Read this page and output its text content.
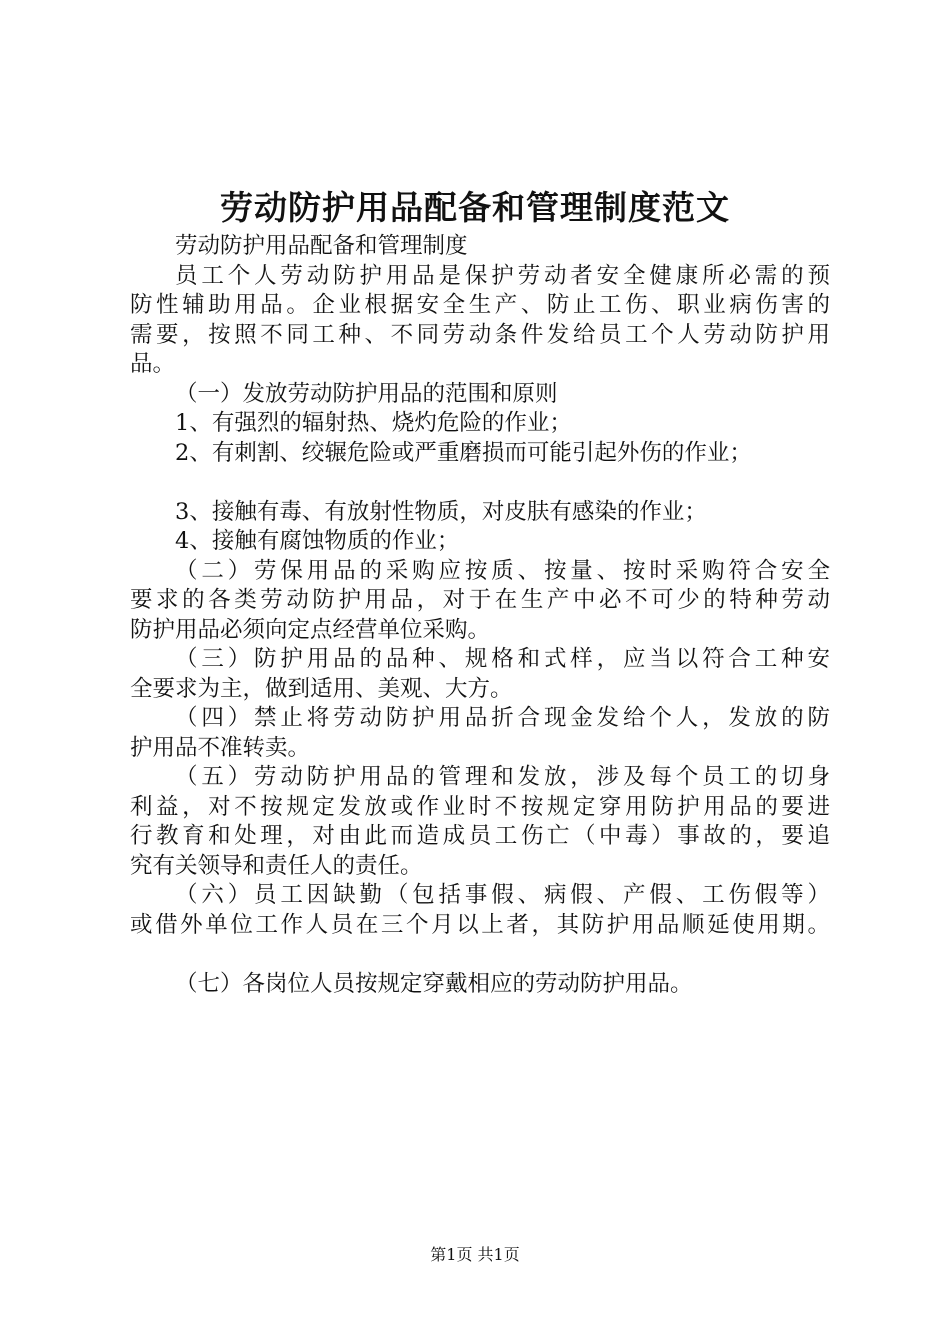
劳动防护用品配备和管理制度范文
劳动防护用品配备和管理制度
员工个人劳动防护用品是保护劳动者安全健康所必需的预
防性辅助用品。企业根据安全生产、防止工伤、职业病伤害的
需要，按照不同工种、不同劳动条件发给员工个人劳动防护用
品。
（一）发放劳动防护用品的范围和原则
1、有强烈的辐射热、烧灼危险的作业；
2、有刺割、绞辗危险或严重磨损而可能引起外伤的作业；
3、接触有毒、有放射性物质，对皮肤有感染的作业；
4、接触有腐蚀物质的作业；
（二）劳保用品的采购应按质、按量、按时采购符合安全
要求的各类劳动防护用品，对于在生产中必不可少的特种劳动
防护用品必须向定点经营单位采购。
（三）防护用品的品种、规格和式样，应当以符合工种安
全要求为主，做到适用、美观、大方。
（四）禁止将劳动防护用品折合现金发给个人，发放的防
护用品不准转卖。
（五）劳动防护用品的管理和发放，涉及每个员工的切身
利益，对不按规定发放或作业时不按规定穿用防护用品的要进
行教育和处理，对由此而造成员工伤亡（中毒）事故的，要追
究有关领导和责任人的责任。
（六）员工因缺勤（包括事假、病假、产假、工伤假等）
或借外单位工作人员在三个月以上者，其防护用品顺延使用期。
（七）各岗位人员按规定穿戴相应的劳动防护用品。
第1页 共1页
